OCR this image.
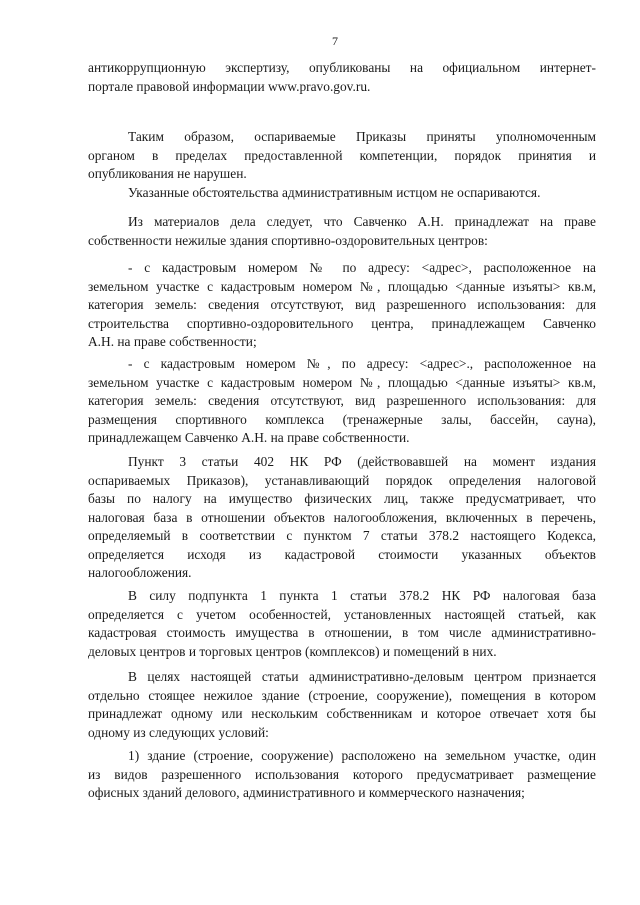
7
антикоррупционную экспертизу, опубликованы на официальном интернет-
портале правовой информации www.pravo.gov.ru.
Таким образом, оспариваемые Приказы приняты уполномоченным
органом в пределах предоставленной компетенции, порядок принятия и
опубликования не нарушен.
Указанные обстоятельства административным истцом не оспариваются.
Из материалов дела следует, что Савченко А.Н. принадлежат на праве
собственности нежилые здания спортивно-оздоровительных центров:
- с кадастровым номером № по адресу: <адрес>, расположенное на
земельном участке с кадастровым номером №, площадью <данные изъяты> кв.м,
категория земель: сведения отсутствуют, вид разрешенного использования: для
строительства спортивно-оздоровительного центра, принадлежащем Савченко
А.Н. на праве собственности;
- с кадастровым номером №, по адресу: <адрес>., расположенное на
земельном участке с кадастровым номером №, площадью <данные изъяты> кв.м,
категория земель: сведения отсутствуют, вид разрешенного использования: для
размещения спортивного комплекса (тренажерные залы, бассейн, сауна),
принадлежащем Савченко А.Н. на праве собственности.
Пункт 3 статьи 402 НК РФ (действовавшей на момент издания
оспариваемых Приказов), устанавливающий порядок определения налоговой
базы по налогу на имущество физических лиц, также предусматривает, что
налоговая база в отношении объектов налогообложения, включенных в перечень,
определяемый в соответствии с пунктом 7 статьи 378.2 настоящего Кодекса,
определяется исходя из кадастровой стоимости указанных объектов
налогообложения.
В силу подпункта 1 пункта 1 статьи 378.2 НК РФ налоговая база
определяется с учетом особенностей, установленных настоящей статьей, как
кадастровая стоимость имущества в отношении, в том числе административно-
деловых центров и торговых центров (комплексов) и помещений в них.
В целях настоящей статьи административно-деловым центром признается
отдельно стоящее нежилое здание (строение, сооружение), помещения в котором
принадлежат одному или нескольким собственникам и которое отвечает хотя бы
одному из следующих условий:
1) здание (строение, сооружение) расположено на земельном участке, один
из видов разрешенного использования которого предусматривает размещение
офисных зданий делового, административного и коммерческого назначения;
